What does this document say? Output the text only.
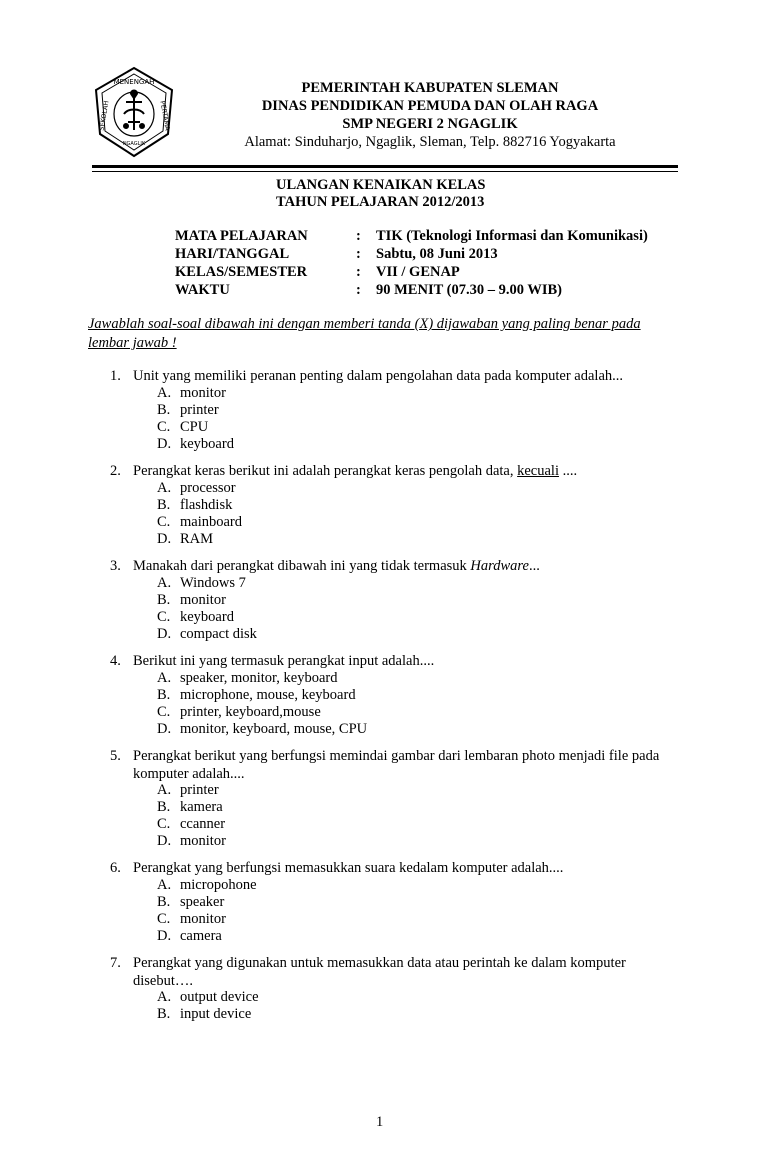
MENENGAH
SEKOLAH	PERTAMA
NGAGLIK
PEMERINTAH KABUPATEN SLEMAN
DINAS PENDIDIKAN PEMUDA DAN OLAH RAGA
SMP NEGERI 2 NGAGLIK
Alamat: Sinduharjo, Ngaglik, Sleman, Telp. 882716 Yogyakarta
ULANGAN KENAIKAN KELAS
TAHUN PELAJARAN 2012/2013
MATA PELAJARAN	: TIK (Teknologi Informasi dan Komunikasi)
HARI/TANGGAL	: Sabtu, 08 Juni 2013
KELAS/SEMESTER	: VII / GENAP
WAKTU	: 90 MENIT (07.30 – 9.00 WIB)
Jawablah soal-soal dibawah ini dengan memberi tanda (X) dijawaban yang paling benar pada lembar jawab !
1. Unit yang memiliki peranan penting dalam pengolahan data pada komputer adalah...
A. monitor
B. printer
C. CPU
D. keyboard
2. Perangkat keras berikut ini adalah perangkat keras pengolah data, kecuali ....
A. processor
B. flashdisk
C. mainboard
D. RAM
3. Manakah dari perangkat dibawah ini yang tidak termasuk Hardware...
A. Windows 7
B. monitor
C. keyboard
D. compact disk
4. Berikut ini yang termasuk perangkat input adalah....
A. speaker, monitor, keyboard
B. microphone, mouse, keyboard
C. printer, keyboard,mouse
D. monitor, keyboard, mouse, CPU
5. Perangkat berikut yang berfungsi memindai gambar dari lembaran photo menjadi file pada komputer adalah....
A. printer
B. kamera
C. ccanner
D. monitor
6. Perangkat yang berfungsi memasukkan suara kedalam komputer adalah....
A. micropohone
B. speaker
C. monitor
D. camera
7. Perangkat yang digunakan untuk memasukkan data atau perintah ke dalam komputer disebut….
A. output device
B. input device
1
